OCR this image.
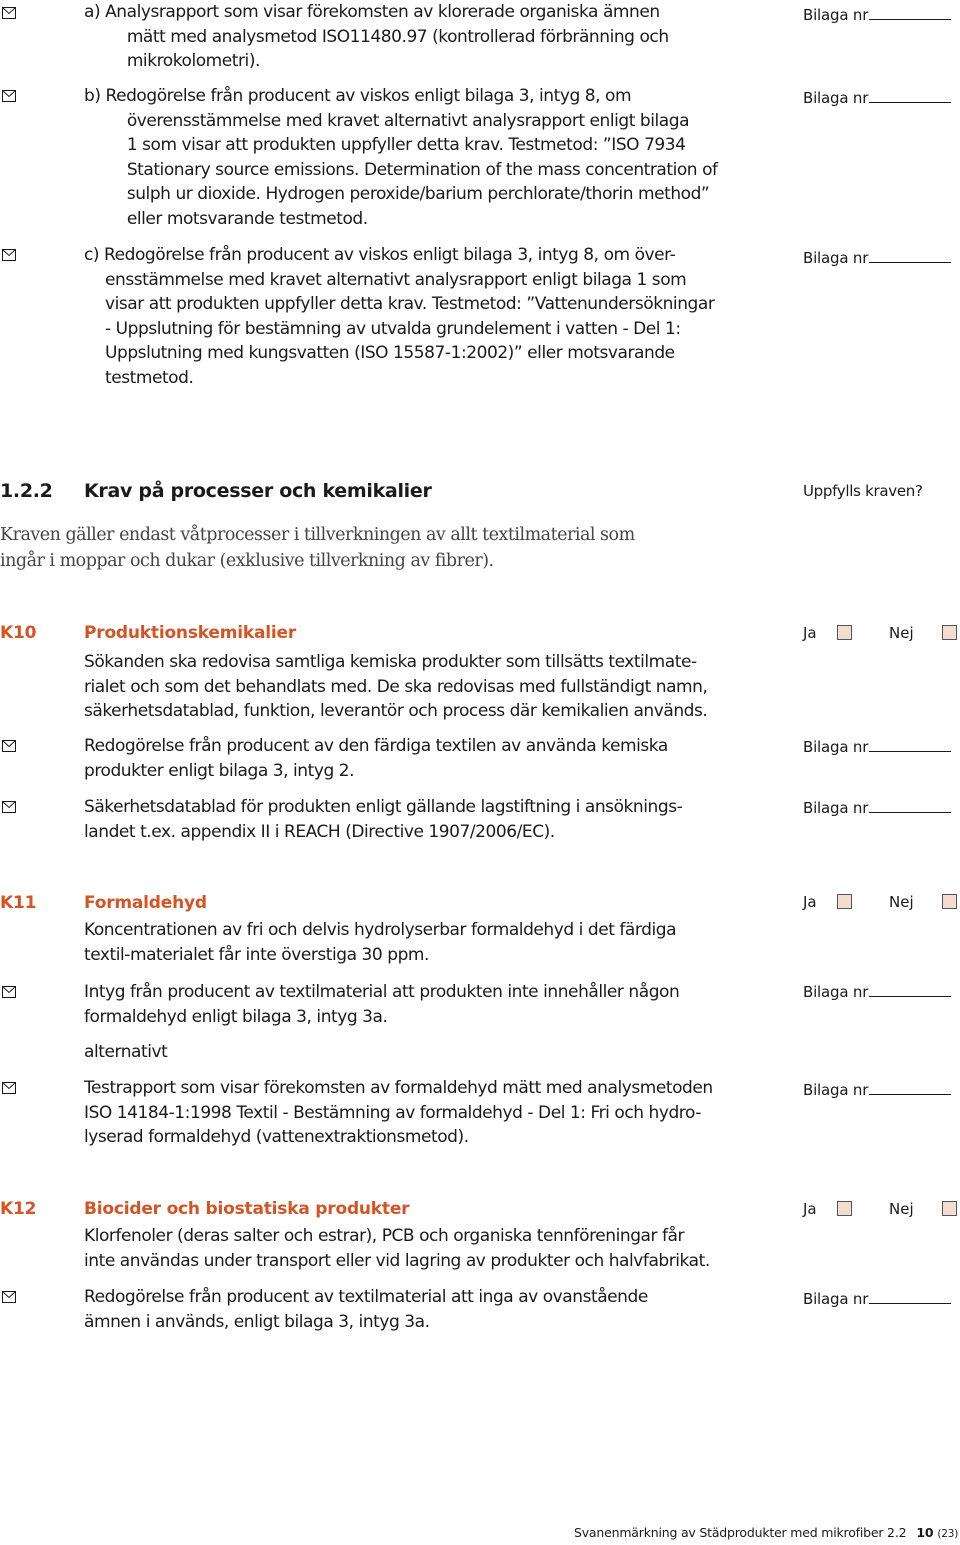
a) Analysrapport som visar förekomsten av klorerade organiska ämnen
mätt med analysmetod ISO11480.97 (kontrollerad förbränning och
mikrokolometri).
Bilaga nr
b) Redogörelse från producent av viskos enligt bilaga 3, intyg 8, om
överensstämmelse med kravet alternativt analysrapport enligt bilaga
1 som visar att produkten uppfyller detta krav. Testmetod: ”ISO 7934
Stationary source emissions. Determination of the mass concentration of
sulph ur dioxide. Hydrogen peroxide/barium perchlorate/thorin method”
eller motsvarande testmetod.
Bilaga nr
c) Redogörelse från producent av viskos enligt bilaga 3, intyg 8, om över-
ensstämmelse med kravet alternativt analysrapport enligt bilaga 1 som
visar att produkten uppfyller detta krav. Testmetod: ”Vattenundersökningar
- Uppslutning för bestämning av utvalda grundelement i vatten - Del 1:
Uppslutning med kungsvatten (ISO 15587-1:2002)” eller motsvarande
testmetod.
Bilaga nr
1.2.2 Krav på processer och kemikalier	Uppfylls kraven?
Kraven gäller endast våtprocesser i tillverkningen av allt textilmaterial som
ingår i moppar och dukar (exklusive tillverkning av fibrer).
K10	Produktionskemikalier	Ja	Nej
Sökanden ska redovisa samtliga kemiska produkter som tillsätts textilmate-
rialet och som det behandlats med. De ska redovisas med fullständigt namn,
säkerhetsdatablad, funktion, leverantör och process där kemikalien används.
Redogörelse från producent av den färdiga textilen av använda kemiska
produkter enligt bilaga 3, intyg 2.
Bilaga nr
Säkerhetsdatablad för produkten enligt gällande lagstiftning i ansöknings-
landet t.ex. appendix II i REACH (Directive 1907/2006/EC).
Bilaga nr
K11	Formaldehyd	Ja	Nej
Koncentrationen av fri och delvis hydrolyserbar formaldehyd i det färdiga
textil-materialet får inte överstiga 30 ppm.
Intyg från producent av textilmaterial att produkten inte innehåller någon
formaldehyd enligt bilaga 3, intyg 3a.
Bilaga nr
alternativt
Testrapport som visar förekomsten av formaldehyd mätt med analysmetoden
ISO 14184-1:1998 Textil - Bestämning av formaldehyd - Del 1: Fri och hydro-
lyserad formaldehyd (vattenextraktionsmetod).
Bilaga nr
K12	Biocider och biostatiska produkter	Ja	Nej
Klorfenoler (deras salter och estrar), PCB och organiska tennföreningar får
inte användas under transport eller vid lagring av produkter och halvfabrikat.
Redogörelse från producent av textilmaterial att inga av ovanstående
ämnen i används, enligt bilaga 3, intyg 3a.
Bilaga nr
Svanenmärkning av Städprodukter med mikrofiber 2.2 10 (23)
